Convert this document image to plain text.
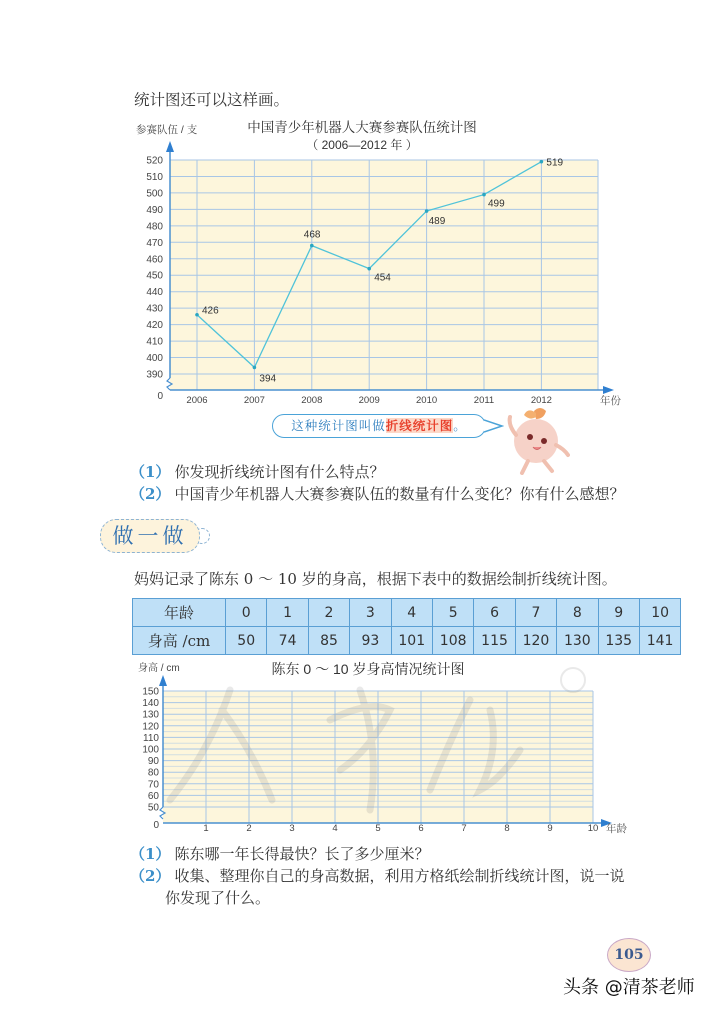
统计图还可以这样画。
参赛队伍 / 支	中国青少年机器人大赛参赛队伍统计图
（ 2006—2012 年 ）
390
400
410
420
430
440
450
460
470
480
490
500
510
520
0 2006	2007	2008	2009	2010	2011	2012	年份
426
394
468
454
489
499
519
这种统计图叫做折线统计图。
（1） 你发现折线统计图有什么特点？
（2） 中国青少年机器人大赛参赛队伍的数量有什么变化？你有什么感想？
做一做
妈妈记录了陈东 0 ～ 10 岁的身高，根据下表中的数据绘制折线统计图。
年龄	0	1	2	3	4	5	6	7	8	9	10
身高 /cm	50	74	85	93	101	108	115	120	130	135	141
身高 / cm	陈东 0 ～ 10 岁身高情况统计图
50
60
70
80
90
100
110
120
130
140
150
0	1	2	3	4	5	6	7	8	9	10 年龄
（1） 陈东哪一年长得最快？长了多少厘米？
（2） 收集、整理你自己的身高数据，利用方格纸绘制折线统计图，说一说
你发现了什么。
105
头条 @清茶老师
